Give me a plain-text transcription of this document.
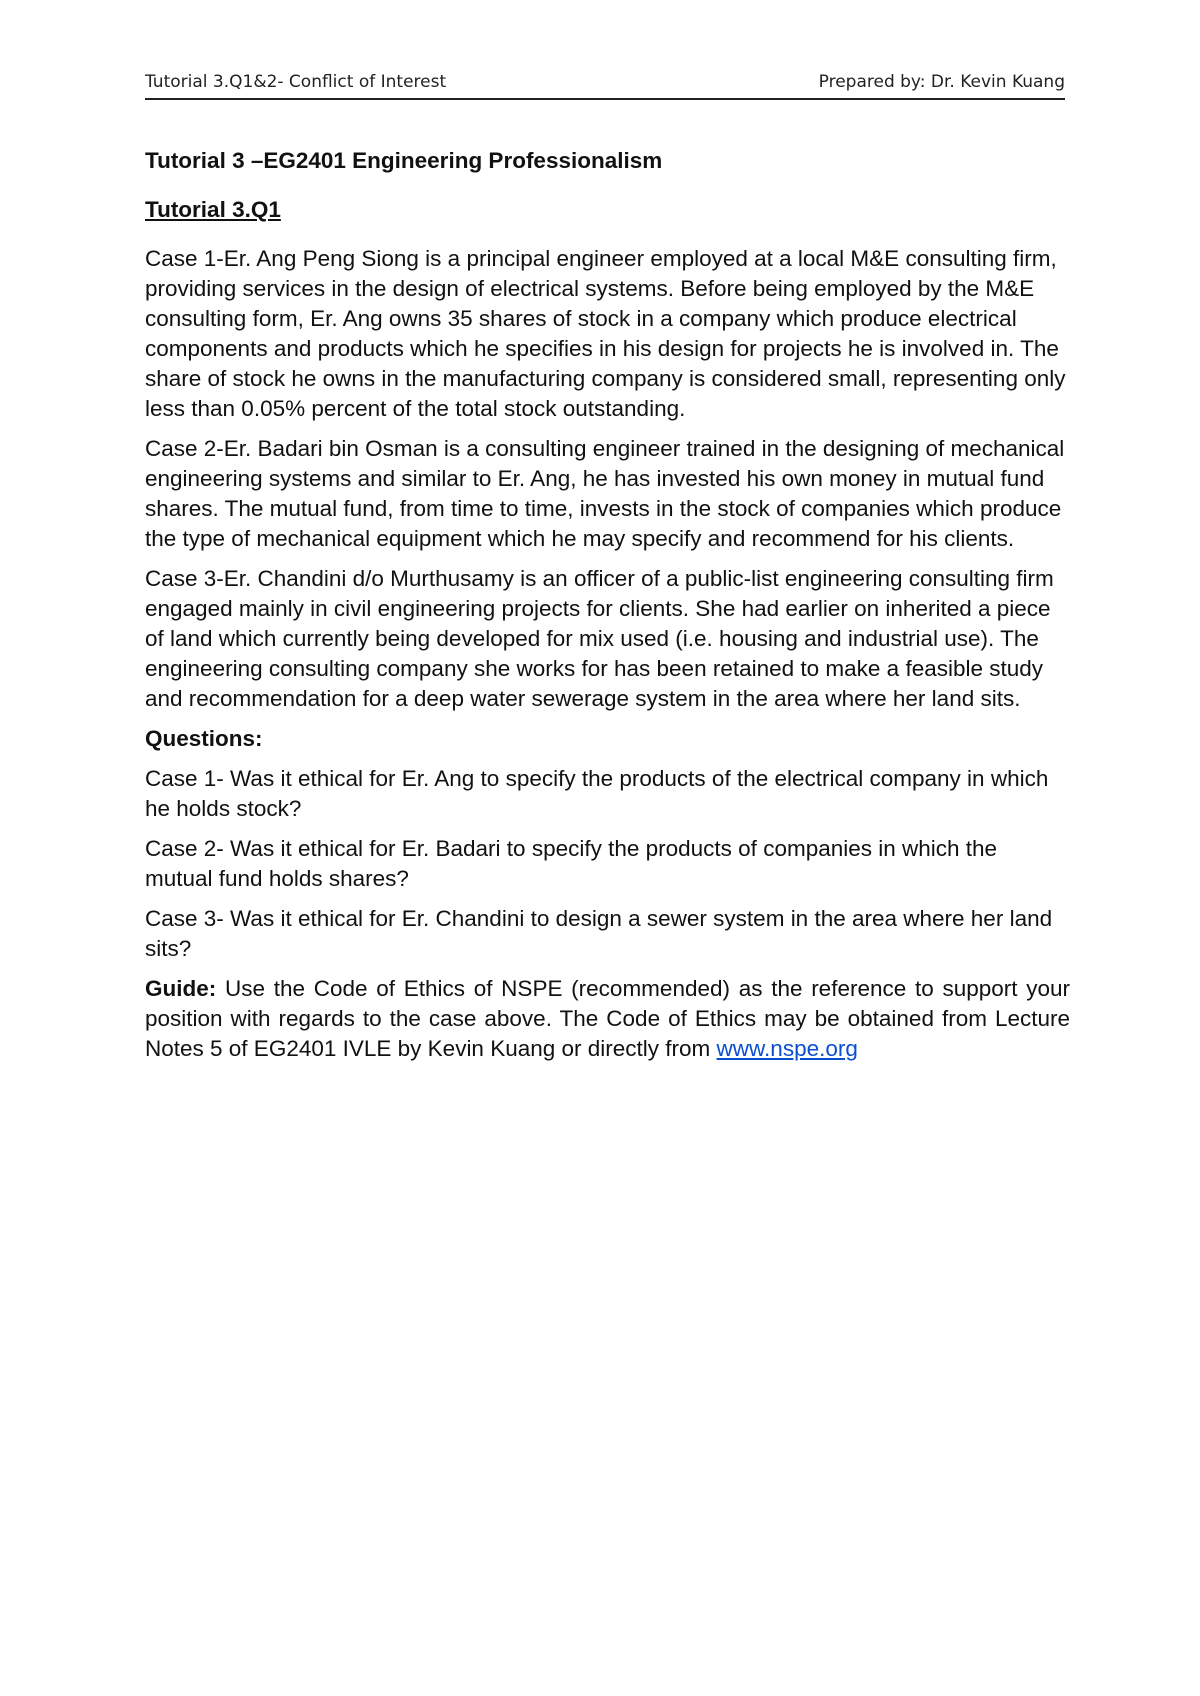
Tutorial 3.Q1&2- Conflict of Interest	Prepared by: Dr. Kevin Kuang

Tutorial 3 –EG2401 Engineering Professionalism

Tutorial 3.Q1

Case 1-Er. Ang Peng Siong is a principal engineer employed at a local M&E consulting firm, providing services in the design of electrical systems. Before being employed by the M&E consulting form, Er. Ang owns 35 shares of stock in a company which produce electrical components and products which he specifies in his design for projects he is involved in. The share of stock he owns in the manufacturing company is considered small, representing only less than 0.05% percent of the total stock outstanding.

Case 2-Er. Badari bin Osman is a consulting engineer trained in the designing of mechanical engineering systems and similar to Er. Ang, he has invested his own money in mutual fund shares. The mutual fund, from time to time, invests in the stock of companies which produce the type of mechanical equipment which he may specify and recommend for his clients.

Case 3-Er. Chandini d/o Murthusamy is an officer of a public-list engineering consulting firm engaged mainly in civil engineering projects for clients. She had earlier on inherited a piece of land which currently being developed for mix used (i.e. housing and industrial use). The engineering consulting company she works for has been retained to make a feasible study and recommendation for a deep water sewerage system in the area where her land sits.

Questions:

Case 1- Was it ethical for Er. Ang to specify the products of the electrical company in which he holds stock?

Case 2- Was it ethical for Er. Badari to specify the products of companies in which the mutual fund holds shares?

Case 3- Was it ethical for Er. Chandini to design a sewer system in the area where her land sits?

Guide: Use the Code of Ethics of NSPE (recommended) as the reference to support your position with regards to the case above. The Code of Ethics may be obtained from Lecture Notes 5 of EG2401 IVLE by Kevin Kuang or directly from www.nspe.org
